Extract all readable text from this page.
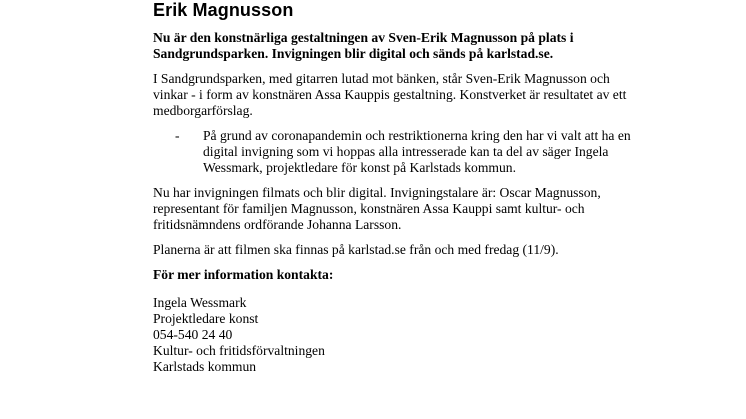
Erik Magnusson

Nu är den konstnärliga gestaltningen av Sven-Erik Magnusson på plats i Sandgrundsparken. Invigningen blir digital och sänds på karlstad.se.

I Sandgrundsparken, med gitarren lutad mot bänken, står Sven-Erik Magnusson och vinkar - i form av konstnären Assa Kauppis gestaltning. Konstverket är resultatet av ett medborgarförslag.

-	På grund av coronapandemin och restriktionerna kring den har vi valt att ha en digital invigning som vi hoppas alla intresserade kan ta del av säger Ingela Wessmark, projektledare för konst på Karlstads kommun.

Nu har invigningen filmats och blir digital. Invigningstalare är: Oscar Magnusson, representant för familjen Magnusson, konstnären Assa Kauppi samt kultur- och fritidsnämndens ordförande Johanna Larsson.

Planerna är att filmen ska finnas på karlstad.se från och med fredag (11/9).

För mer information kontakta:

Ingela Wessmark
Projektledare konst
054-540 24 40
Kultur- och fritidsförvaltningen
Karlstads kommun
